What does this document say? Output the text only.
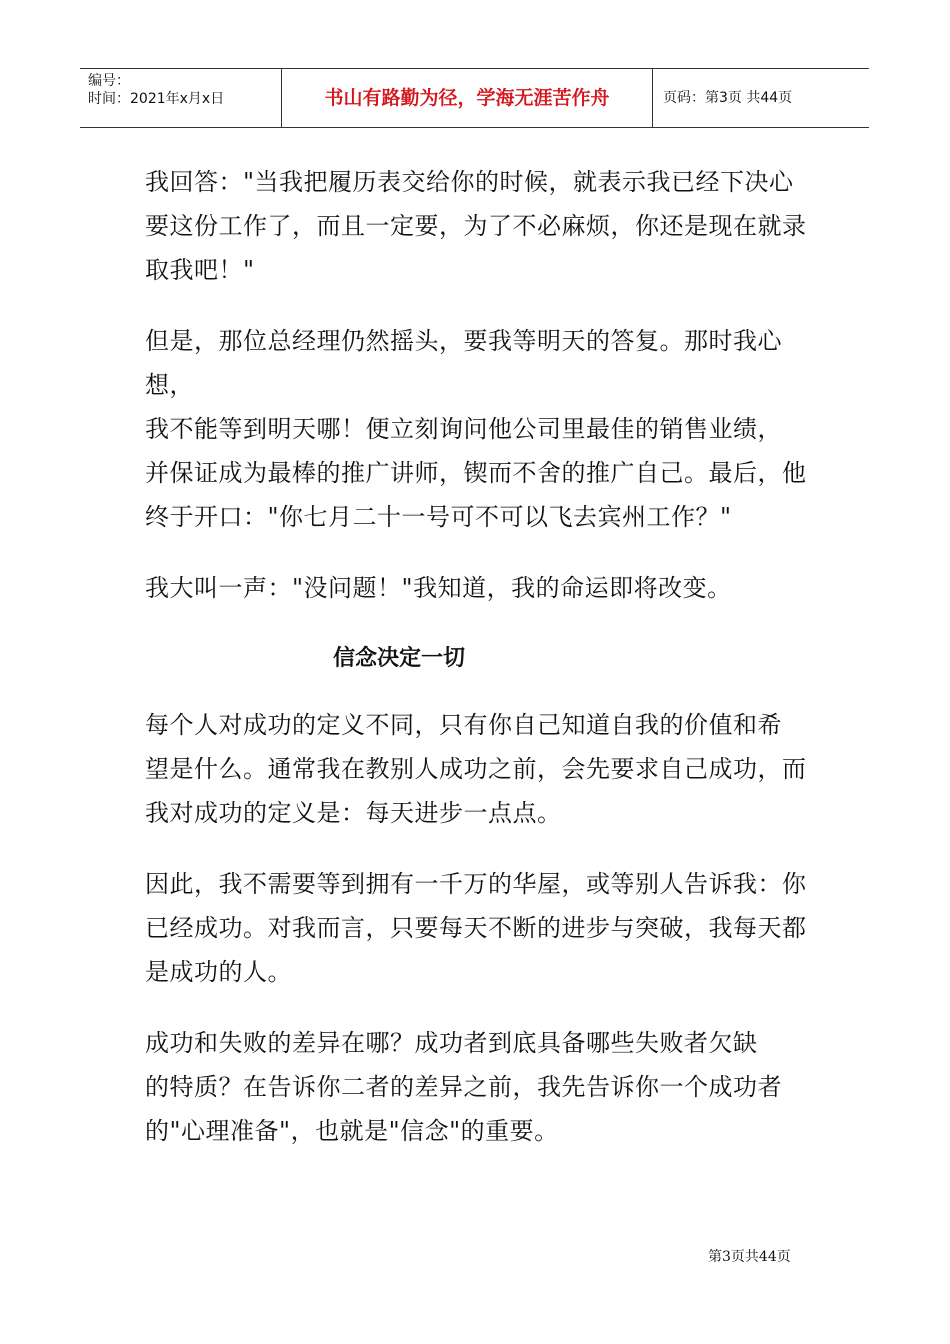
编号：
时间：2021年x月x日	书山有路勤为径，学海无涯苦作舟	页码：第3页 共44页

我回答："当我把履历表交给你的时候，就表示我已经下决心
要这份工作了，而且一定要，为了不必麻烦，你还是现在就录
取我吧！"

但是，那位总经理仍然摇头，要我等明天的答复。那时我心想，
我不能等到明天哪！便立刻询问他公司里最佳的销售业绩，
并保证成为最棒的推广讲师，锲而不舍的推广自己。最后，他
终于开口："你七月二十一号可不可以飞去宾州工作？"

我大叫一声："没问题！"我知道，我的命运即将改变。

信念决定一切

每个人对成功的定义不同，只有你自己知道自我的价值和希
望是什么。通常我在教别人成功之前，会先要求自己成功，而
我对成功的定义是：每天进步一点点。

因此，我不需要等到拥有一千万的华屋，或等别人告诉我：你
已经成功。对我而言，只要每天不断的进步与突破，我每天都
是成功的人。

成功和失败的差异在哪？成功者到底具备哪些失败者欠缺
的特质？在告诉你二者的差异之前，我先告诉你一个成功者
的"心理准备"，也就是"信念"的重要。

第3页共44页
